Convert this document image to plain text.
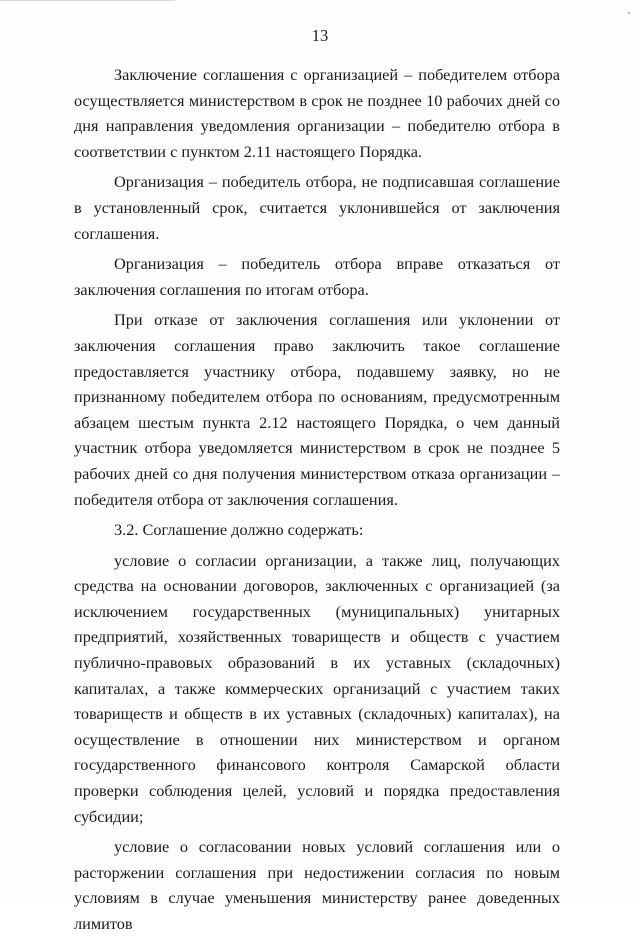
13

Заключение соглашения с организацией – победителем отбора осуществляется министерством в срок не позднее 10 рабочих дней со дня направления уведомления организации – победителю отбора в соответствии с пунктом 2.11 настоящего Порядка.

Организация – победитель отбора, не подписавшая соглашение в установленный срок, считается уклонившейся от заключения соглашения.

Организация – победитель отбора вправе отказаться от заключения соглашения по итогам отбора.

При отказе от заключения соглашения или уклонении от заключения соглашения право заключить такое соглашение предоставляется участнику отбора, подавшему заявку, но не признанному победителем отбора по основаниям, предусмотренным абзацем шестым пункта 2.12 настоящего Порядка, о чем данный участник отбора уведомляется министерством в срок не позднее 5 рабочих дней со дня получения министерством отказа организации – победителя отбора от заключения соглашения.

3.2. Соглашение должно содержать:

условие о согласии организации, а также лиц, получающих средства на основании договоров, заключенных с организацией (за исключением государственных (муниципальных) унитарных предприятий, хозяйственных товариществ и обществ с участием публично-правовых образований в их уставных (складочных) капиталах, а также коммерческих организаций с участием таких товариществ и обществ в их уставных (складочных) капиталах), на осуществление в отношении них министерством и органом государственного финансового контроля Самарской области проверки соблюдения целей, условий и порядка предоставления субсидии;

условие о согласовании новых условий соглашения или о расторжении соглашения при недостижении согласия по новым условиям в случае уменьшения министерству ранее доведенных лимитов
